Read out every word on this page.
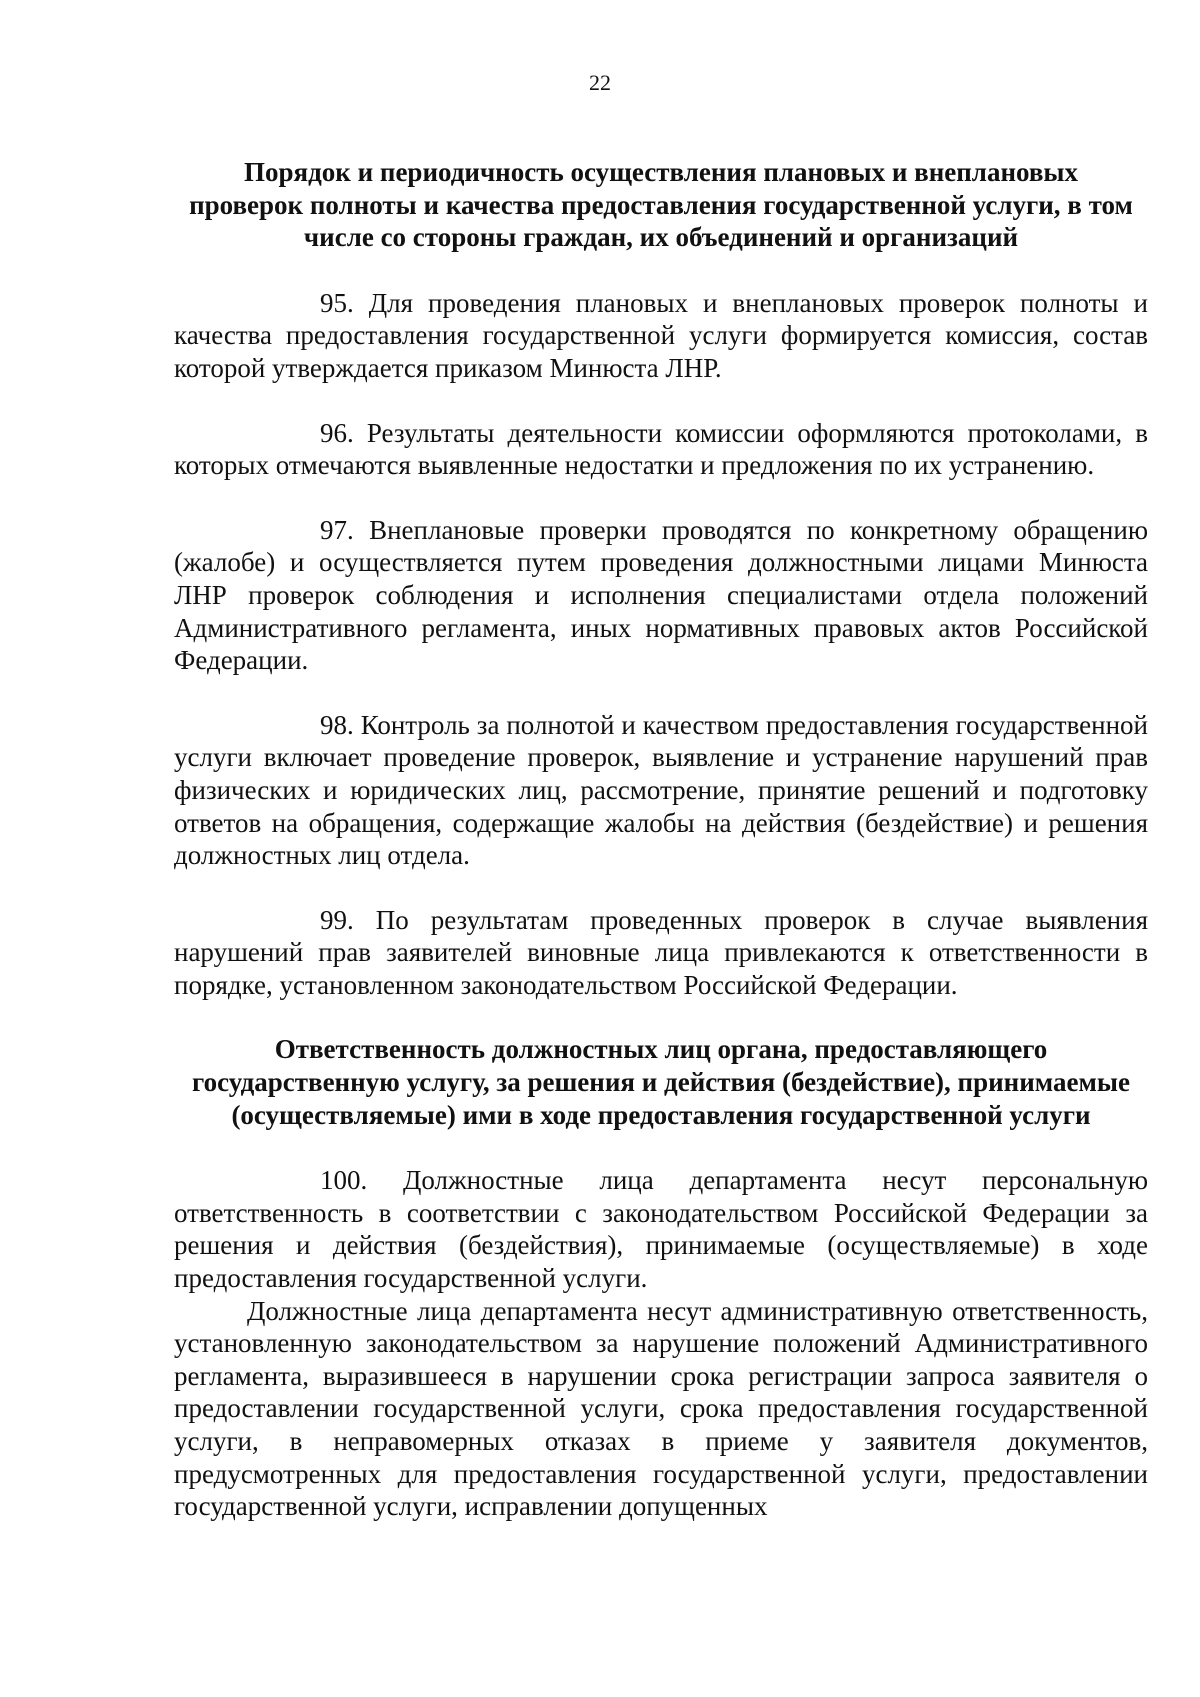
22

Порядок и периодичность осуществления плановых и внеплановых проверок полноты и качества предоставления государственной услуги, в том числе со стороны граждан, их объединений и организаций

95. Для проведения плановых и внеплановых проверок полноты и качества предоставления государственной услуги формируется комиссия, состав которой утверждается приказом Минюста ЛНР.

96. Результаты деятельности комиссии оформляются протоколами, в которых отмечаются выявленные недостатки и предложения по их устранению.

97. Внеплановые проверки проводятся по конкретному обращению (жалобе) и осуществляется путем проведения должностными лицами Минюста ЛНР проверок соблюдения и исполнения специалистами отдела положений Административного регламента, иных нормативных правовых актов Российской Федерации.

98. Контроль за полнотой и качеством предоставления государственной услуги включает проведение проверок, выявление и устранение нарушений прав физических и юридических лиц, рассмотрение, принятие решений и подготовку ответов на обращения, содержащие жалобы на действия (бездействие) и решения должностных лиц отдела.

99. По результатам проведенных проверок в случае выявления нарушений прав заявителей виновные лица привлекаются к ответственности в порядке, установленном законодательством Российской Федерации.

Ответственность должностных лиц органа, предоставляющего государственную услугу, за решения и действия (бездействие), принимаемые (осуществляемые) ими в ходе предоставления государственной услуги

100. Должностные лица департамента несут персональную ответственность в соответствии с законодательством Российской Федерации за решения и действия (бездействия), принимаемые (осуществляемые) в ходе предоставления государственной услуги.

Должностные лица департамента несут административную ответственность, установленную законодательством за нарушение положений Административного регламента, выразившееся в нарушении срока регистрации запроса заявителя о предоставлении государственной услуги, срока предоставления государственной услуги, в неправомерных отказах в приеме у заявителя документов, предусмотренных для предоставления государственной услуги, предоставлении государственной услуги, исправлении допущенных
